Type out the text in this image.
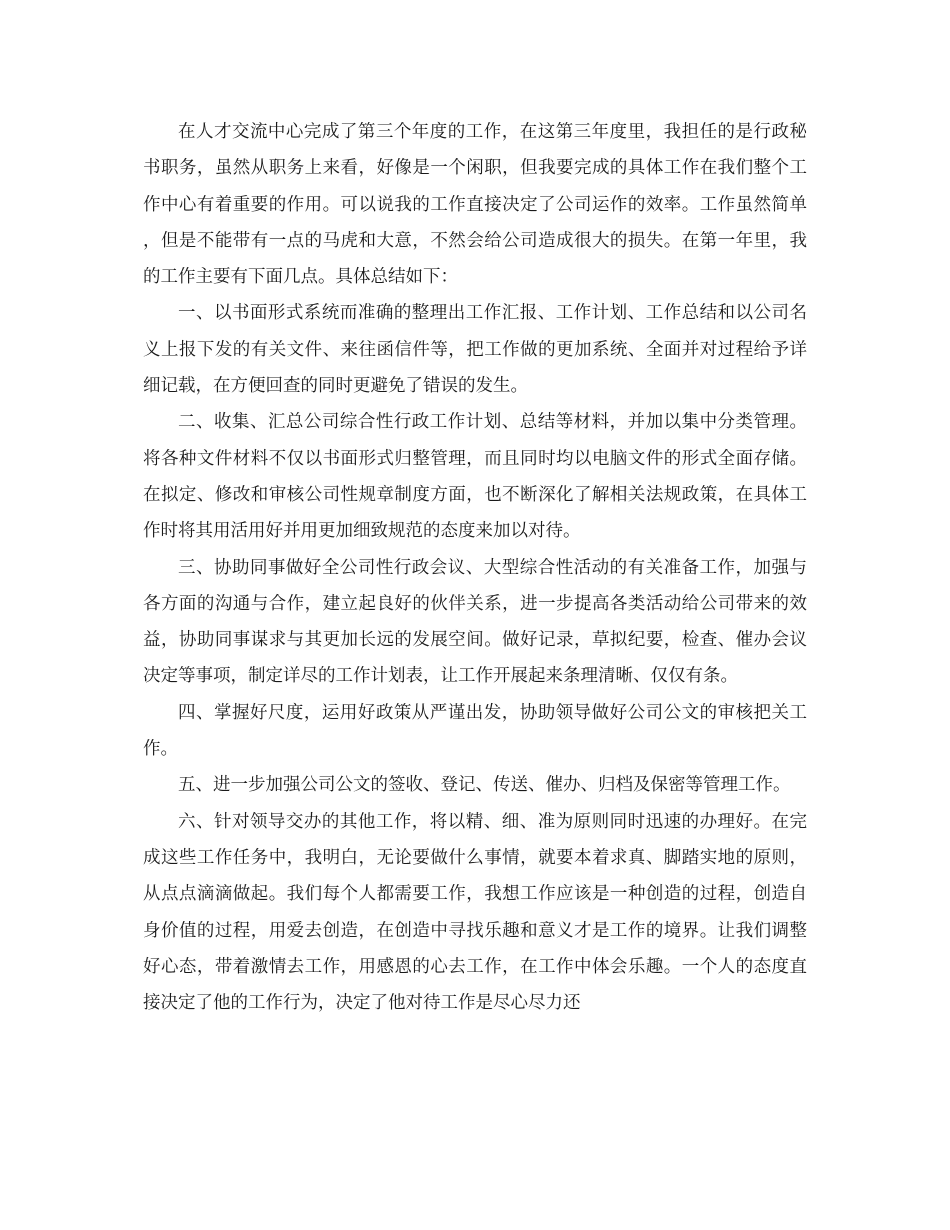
在人才交流中心完成了第三个年度的工作，在这第三年度里，我担任的是行政秘书职务，虽然从职务上来看，好像是一个闲职，但我要完成的具体工作在我们整个工作中心有着重要的作用。可以说我的工作直接决定了公司运作的效率。工作虽然简单，但是不能带有一点的马虎和大意，不然会给公司造成很大的损失。在第一年里，我的工作主要有下面几点。具体总结如下：

一、以书面形式系统而准确的整理出工作汇报、工作计划、工作总结和以公司名义上报下发的有关文件、来往函信件等，把工作做的更加系统、全面并对过程给予详细记载，在方便回查的同时更避免了错误的发生。

二、收集、汇总公司综合性行政工作计划、总结等材料，并加以集中分类管理。将各种文件材料不仅以书面形式归整管理，而且同时均以电脑文件的形式全面存储。在拟定、修改和审核公司性规章制度方面，也不断深化了解相关法规政策，在具体工作时将其用活用好并用更加细致规范的态度来加以对待。

三、协助同事做好全公司性行政会议、大型综合性活动的有关准备工作，加强与各方面的沟通与合作，建立起良好的伙伴关系，进一步提高各类活动给公司带来的效益，协助同事谋求与其更加长远的发展空间。做好记录，草拟纪要，检查、催办会议决定等事项，制定详尽的工作计划表，让工作开展起来条理清晰、仅仅有条。

四、掌握好尺度，运用好政策从严谨出发，协助领导做好公司公文的审核把关工作。

五、进一步加强公司公文的签收、登记、传送、催办、归档及保密等管理工作。

六、针对领导交办的其他工作，将以精、细、准为原则同时迅速的办理好。在完成这些工作任务中，我明白，无论要做什么事情，就要本着求真、脚踏实地的原则，从点点滴滴做起。我们每个人都需要工作，我想工作应该是一种创造的过程，创造自身价值的过程，用爱去创造，在创造中寻找乐趣和意义才是工作的境界。让我们调整好心态，带着激情去工作，用感恩的心去工作，在工作中体会乐趣。一个人的态度直接决定了他的工作行为，决定了他对待工作是尽心尽力还
